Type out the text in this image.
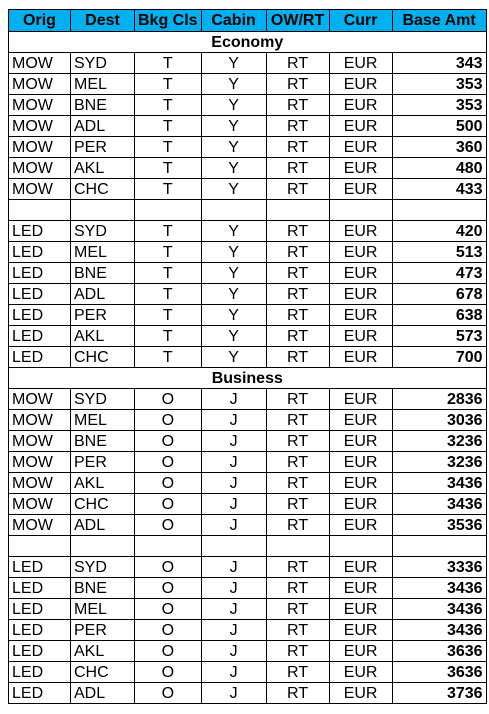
Orig	Dest	Bkg Cls	Cabin	OW/RT	Curr	Base Amt
Economy						
MOW	SYD	T	Y	RT	EUR	343
MOW	MEL	T	Y	RT	EUR	353
MOW	BNE	T	Y	RT	EUR	353
MOW	ADL	T	Y	RT	EUR	500
MOW	PER	T	Y	RT	EUR	360
MOW	AKL	T	Y	RT	EUR	480
MOW	CHC	T	Y	RT	EUR	433

LED	SYD	T	Y	RT	EUR	420
LED	MEL	T	Y	RT	EUR	513
LED	BNE	T	Y	RT	EUR	473
LED	ADL	T	Y	RT	EUR	678
LED	PER	T	Y	RT	EUR	638
LED	AKL	T	Y	RT	EUR	573
LED	CHC	T	Y	RT	EUR	700
Business						
MOW	SYD	O	J	RT	EUR	2836
MOW	MEL	O	J	RT	EUR	3036
MOW	BNE	O	J	RT	EUR	3236
MOW	PER	O	J	RT	EUR	3236
MOW	AKL	O	J	RT	EUR	3436
MOW	CHC	O	J	RT	EUR	3436
MOW	ADL	O	J	RT	EUR	3536

LED	SYD	O	J	RT	EUR	3336
LED	BNE	O	J	RT	EUR	3436
LED	MEL	O	J	RT	EUR	3436
LED	PER	O	J	RT	EUR	3436
LED	AKL	O	J	RT	EUR	3636
LED	CHC	O	J	RT	EUR	3636
LED	ADL	O	J	RT	EUR	3736
